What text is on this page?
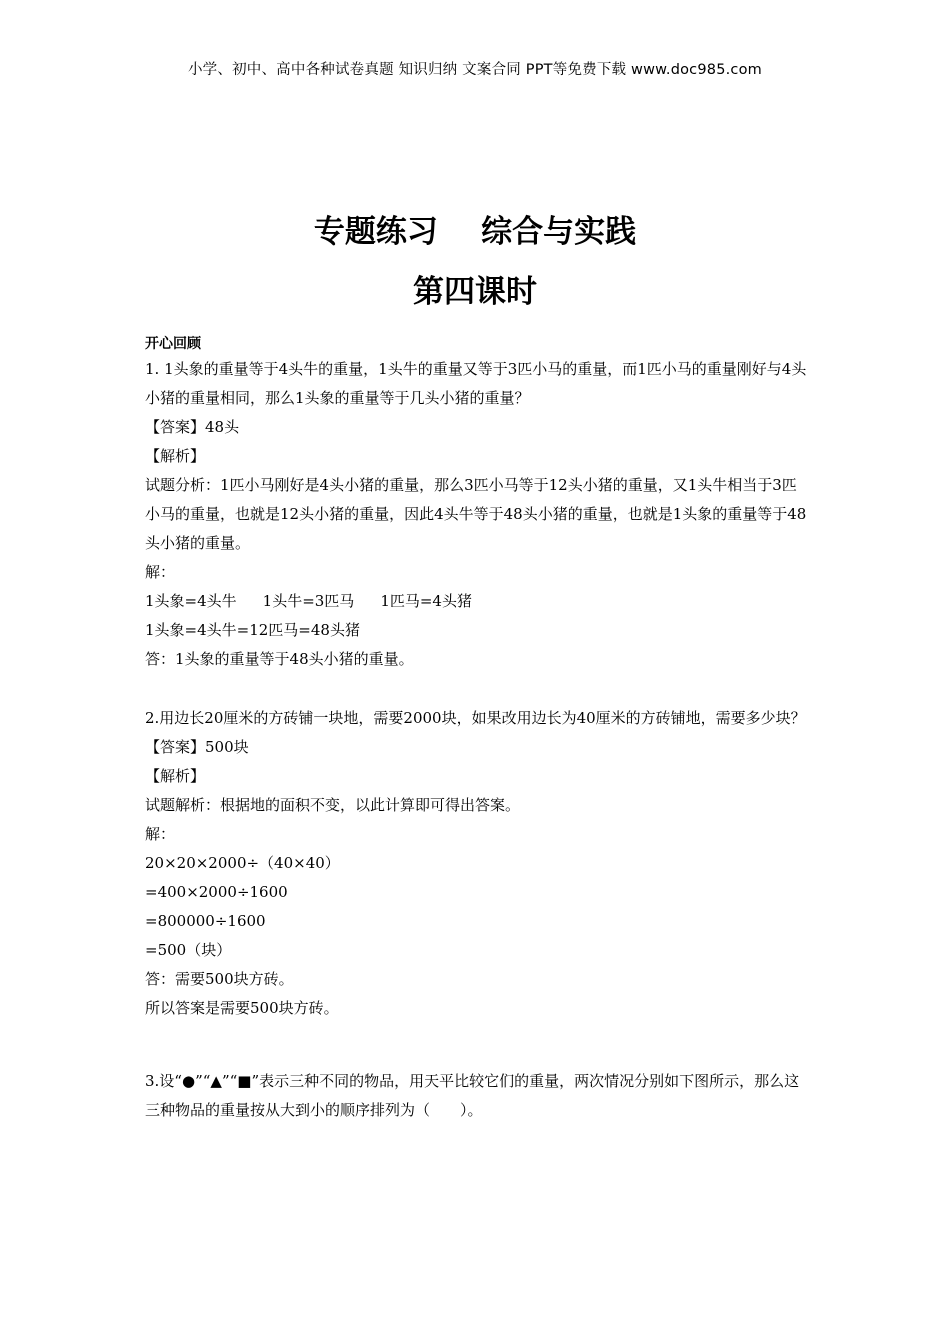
小学、初中、高中各种试卷真题 知识归纳 文案合同 PPT等免费下载 www.doc985.com
专题练习    综合与实践
第四课时
开心回顾
1. 1头象的重量等于4头牛的重量，1头牛的重量又等于3匹小马的重量，而1匹小马的重量刚好与4头小猪的重量相同，那么1头象的重量等于几头小猪的重量？
【答案】48头
【解析】
试题分析：1匹小马刚好是4头小猪的重量，那么3匹小马等于12头小猪的重量，又1头牛相当于3匹小马的重量，也就是12头小猪的重量，因此4头牛等于48头小猪的重量，也就是1头象的重量等于48头小猪的重量。
解：
1头象=4头牛 1头牛=3匹马 1匹马=4头猪
1头象=4头牛=12匹马=48头猪
答：1头象的重量等于48头小猪的重量。
2.用边长20厘米的方砖铺一块地，需要2000块，如果改用边长为40厘米的方砖铺地，需要多少块？
【答案】500块
【解析】
试题解析：根据地的面积不变，以此计算即可得出答案。
解：
20×20×2000÷（40×40）
=400×2000÷1600
=800000÷1600
=500（块）
答：需要500块方砖。
所以答案是需要500块方砖。
3.设“●”“▲”“■”表示三种不同的物品，用天平比较它们的重量，两次情况分别如下图所示，那么这三种物品的重量按从大到小的顺序排列为（　　）。
